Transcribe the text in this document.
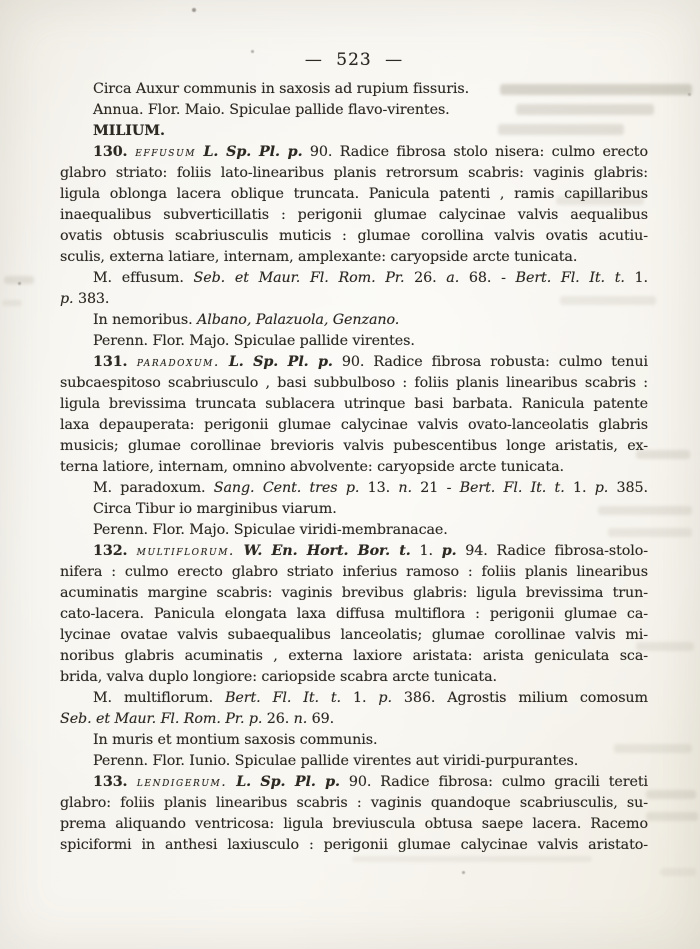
— 523 —
Circa Auxur communis in saxosis ad rupium fissuris.
Annua. Flor. Maio. Spiculae pallide flavo-virentes.
MILIUM.
130. effusum L. Sp. Pl. p. 90. Radice fibrosa stolo nisera: culmo erecto
glabro striato: foliis lato-linearibus planis retrorsum scabris: vaginis glabris:
ligula oblonga lacera oblique truncata. Panicula patenti , ramis capillaribus
inaequalibus subverticillatis : perigonii glumae calycinae valvis aequalibus
ovatis obtusis scabriusculis muticis : glumae corollina valvis ovatis acutiu-
sculis, externa latiare, internam, amplexante: caryopside arcte tunicata.
M. effusum. Seb. et Maur. Fl. Rom. Pr. 26. a. 68. - Bert. Fl. It. t. 1.
p. 383.
In nemoribus. Albano, Palazuola, Genzano.
Perenn. Flor. Majo. Spiculae pallide virentes.
131. paradoxum. L. Sp. Pl. p. 90. Radice fibrosa robusta: culmo tenui
subcaespitoso scabriusculo , basi subbulboso : foliis planis linearibus scabris :
ligula brevissima truncata sublacera utrinque basi barbata. Ranicula patente
laxa depauperata: perigonii glumae calycinae valvis ovato-lanceolatis glabris
musicis; glumae corollinae brevioris valvis pubescentibus longe aristatis, ex-
terna latiore, internam, omnino abvolvente: caryopside arcte tunicata.
M. paradoxum. Sang. Cent. tres p. 13. n. 21 - Bert. Fl. It. t. 1. p. 385.
Circa Tibur io marginibus viarum.
Perenn. Flor. Majo. Spiculae viridi-membranacae.
132. multiflorum. W. En. Hort. Bor. t. 1. p. 94. Radice fibrosa-stolo-
nifera : culmo erecto glabro striato inferius ramoso : foliis planis linearibus
acuminatis margine scabris: vaginis brevibus glabris: ligula brevissima trun-
cato-lacera. Panicula elongata laxa diffusa multiflora : perigonii glumae ca-
lycinae ovatae valvis subaequalibus lanceolatis; glumae corollinae valvis mi-
noribus glabris acuminatis , externa laxiore aristata: arista geniculata sca-
brida, valva duplo longiore: cariopside scabra arcte tunicata.
M. multiflorum. Bert. Fl. It. t. 1. p. 386. Agrostis milium comosum
Seb. et Maur. Fl. Rom. Pr. p. 26. n. 69.
In muris et montium saxosis communis.
Perenn. Flor. Iunio. Spiculae pallide virentes aut viridi-purpurantes.
133. lendigerum. L. Sp. Pl. p. 90. Radice fibrosa: culmo gracili tereti
glabro: foliis planis linearibus scabris : vaginis quandoque scabriusculis, su-
prema aliquando ventricosa: ligula breviuscula obtusa saepe lacera. Racemo
spiciformi in anthesi laxiusculo : perigonii glumae calycinae valvis aristato-
